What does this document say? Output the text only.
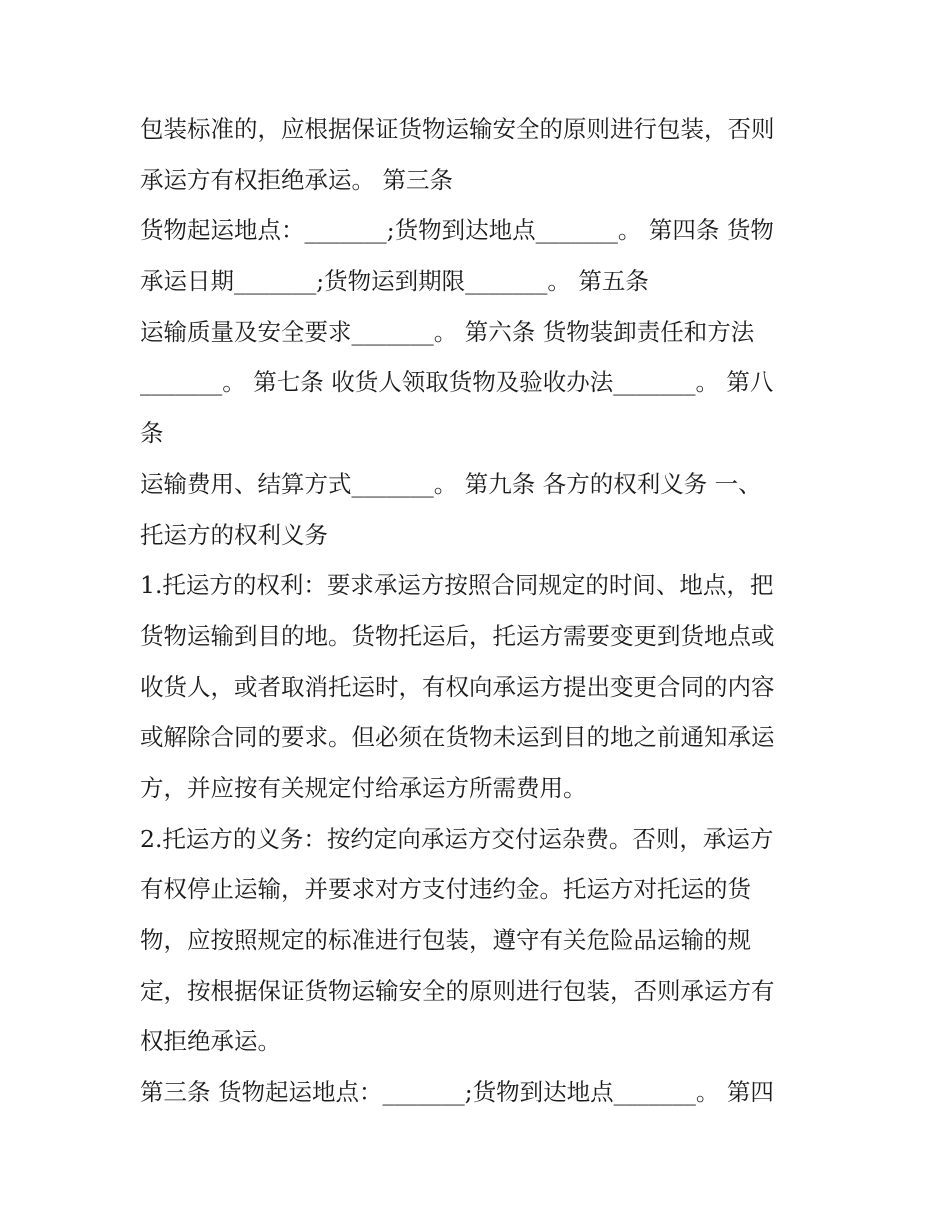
包装标准的，应根据保证货物运输安全的原则进行包装，否则
承运方有权拒绝承运。 第三条
货物起运地点：_______;货物到达地点_______。 第四条 货物
承运日期_______;货物运到期限_______。 第五条
运输质量及安全要求_______。 第六条 货物装卸责任和方法
_______。 第七条 收货人领取货物及验收办法_______。 第八
条
运输费用、结算方式_______。 第九条 各方的权利义务 一、
托运方的权利义务
1.托运方的权利：要求承运方按照合同规定的时间、地点，把
货物运输到目的地。货物托运后，托运方需要变更到货地点或
收货人，或者取消托运时，有权向承运方提出变更合同的内容
或解除合同的要求。但必须在货物未运到目的地之前通知承运
方，并应按有关规定付给承运方所需费用。
2.托运方的义务：按约定向承运方交付运杂费。否则，承运方
有权停止运输，并要求对方支付违约金。托运方对托运的货
物，应按照规定的标准进行包装，遵守有关危险品运输的规
定，按根据保证货物运输安全的原则进行包装，否则承运方有
权拒绝承运。
第三条 货物起运地点：_______;货物到达地点_______。 第四
